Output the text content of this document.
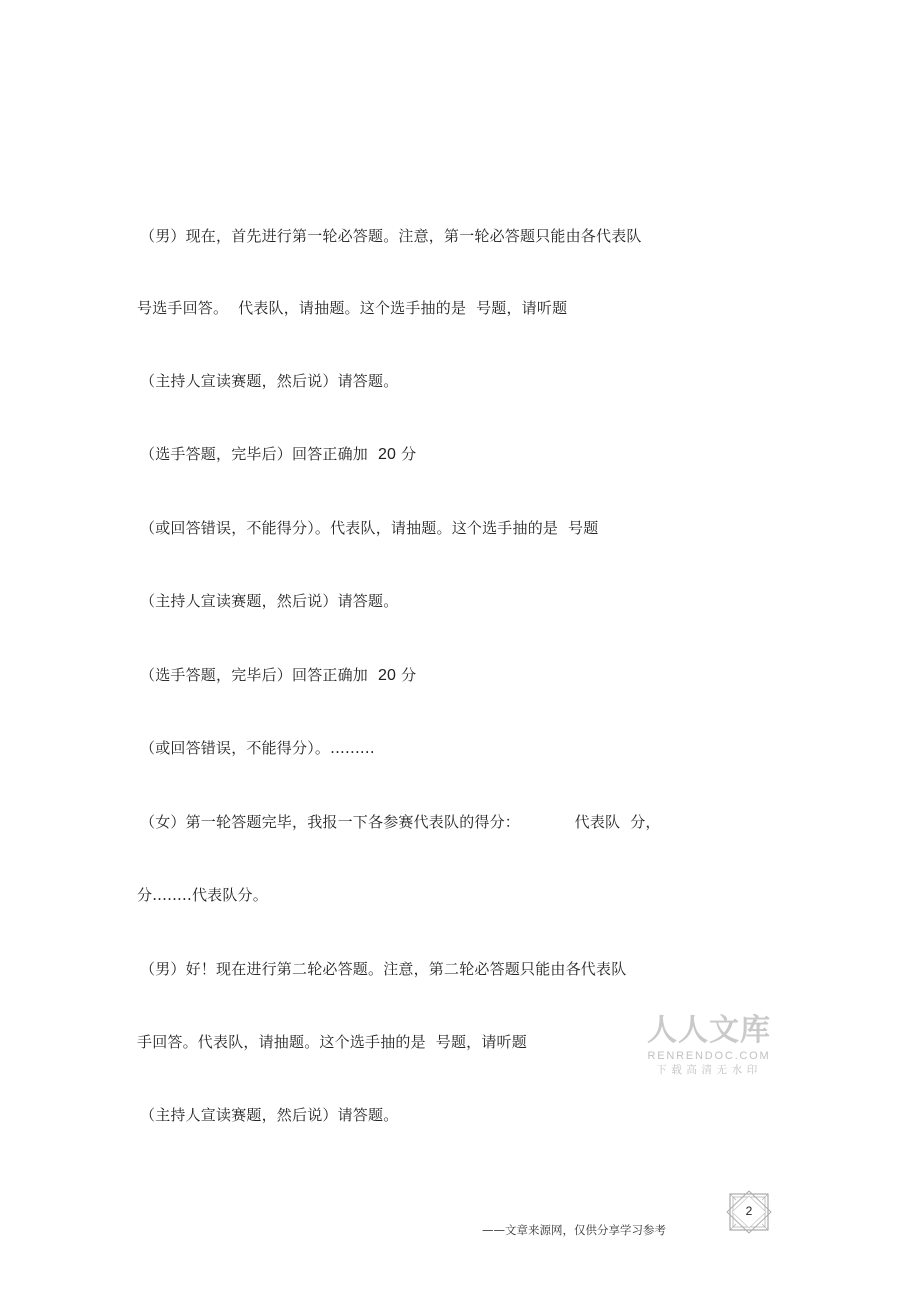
（男）现在，首先进行第一轮必答题。注意，第一轮必答题只能由各代表队
号选手回答。  代表队，请抽题。这个选手抽的是  号题，请听题
（主持人宣读赛题，然后说）请答题。
（选手答题，完毕后）回答正确加  20 分
（或回答错误，不能得分）。代表队，请抽题。这个选手抽的是  号题
（主持人宣读赛题，然后说）请答题。
（选手答题，完毕后）回答正确加  20 分
（或回答错误，不能得分）。.........
（女）第一轮答题完毕，我报一下各参赛代表队的得分：           代表队  分，
分........代表队分。
（男）好！现在进行第二轮必答题。注意，第二轮必答题只能由各代表队
手回答。代表队，请抽题。这个选手抽的是  号题，请听题
（主持人宣读赛题，然后说）请答题。
人人文库
RENRENDOC.COM
下载高清无水印
——文章来源网，仅供分享学习参考
2
